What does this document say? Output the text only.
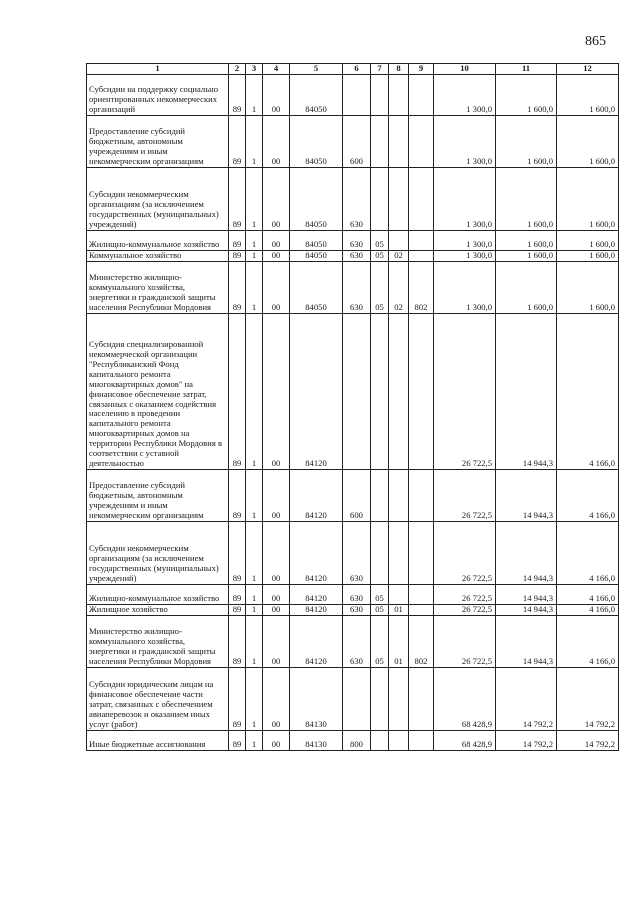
865
1	2	3	4	5	6	7	8	9	10	11	12
Субсидии на поддержку социально ориентированных некоммерческих организаций	89	1	00	84050					1 300,0	1 600,0	1 600,0
Предоставление субсидий бюджетным, автономным учреждениям и иным некоммерческим организациям	89	1	00	84050	600				1 300,0	1 600,0	1 600,0
Субсидии некоммерческим организациям (за исключением государственных (муниципальных) учреждений)	89	1	00	84050	630				1 300,0	1 600,0	1 600,0
Жилищно-коммунальное хозяйство	89	1	00	84050	630	05			1 300,0	1 600,0	1 600,0
Коммунальное хозяйство	89	1	00	84050	630	05	02		1 300,0	1 600,0	1 600,0
Министерство жилищно-коммунального хозяйства, энергетики и гражданской защиты населения Республики Мордовия	89	1	00	84050	630	05	02	802	1 300,0	1 600,0	1 600,0
Субсидия специализированной некоммерческой организации "Республиканский Фонд капитального ремонта многоквартирных домов" на финансовое обеспечение затрат, связанных с оказанием содействия населению в проведении капитального ремонта многоквартирных домов на территории Республики Мордовия в соответствии с уставной деятельностью	89	1	00	84120					26 722,5	14 944,3	4 166,0
Предоставление субсидий бюджетным, автономным учреждениям и иным некоммерческим организациям	89	1	00	84120	600				26 722,5	14 944,3	4 166,0
Субсидии некоммерческим организациям (за исключением государственных (муниципальных) учреждений)	89	1	00	84120	630				26 722,5	14 944,3	4 166,0
Жилищно-коммунальное хозяйство	89	1	00	84120	630	05			26 722,5	14 944,3	4 166,0
Жилищное хозяйство	89	1	00	84120	630	05	01		26 722,5	14 944,3	4 166,0
Министерство жилищно-коммунального хозяйства, энергетики и гражданской защиты населения Республики Мордовия	89	1	00	84120	630	05	01	802	26 722,5	14 944,3	4 166,0
Субсидии юридическим лицам на финансовое обеспечение части затрат, связанных с обеспечением авиаперевозок и оказанием иных услуг (работ)	89	1	00	84130					68 428,9	14 792,2	14 792,2
Иные бюджетные ассигнования	89	1	00	84130	800				68 428,9	14 792,2	14 792,2
